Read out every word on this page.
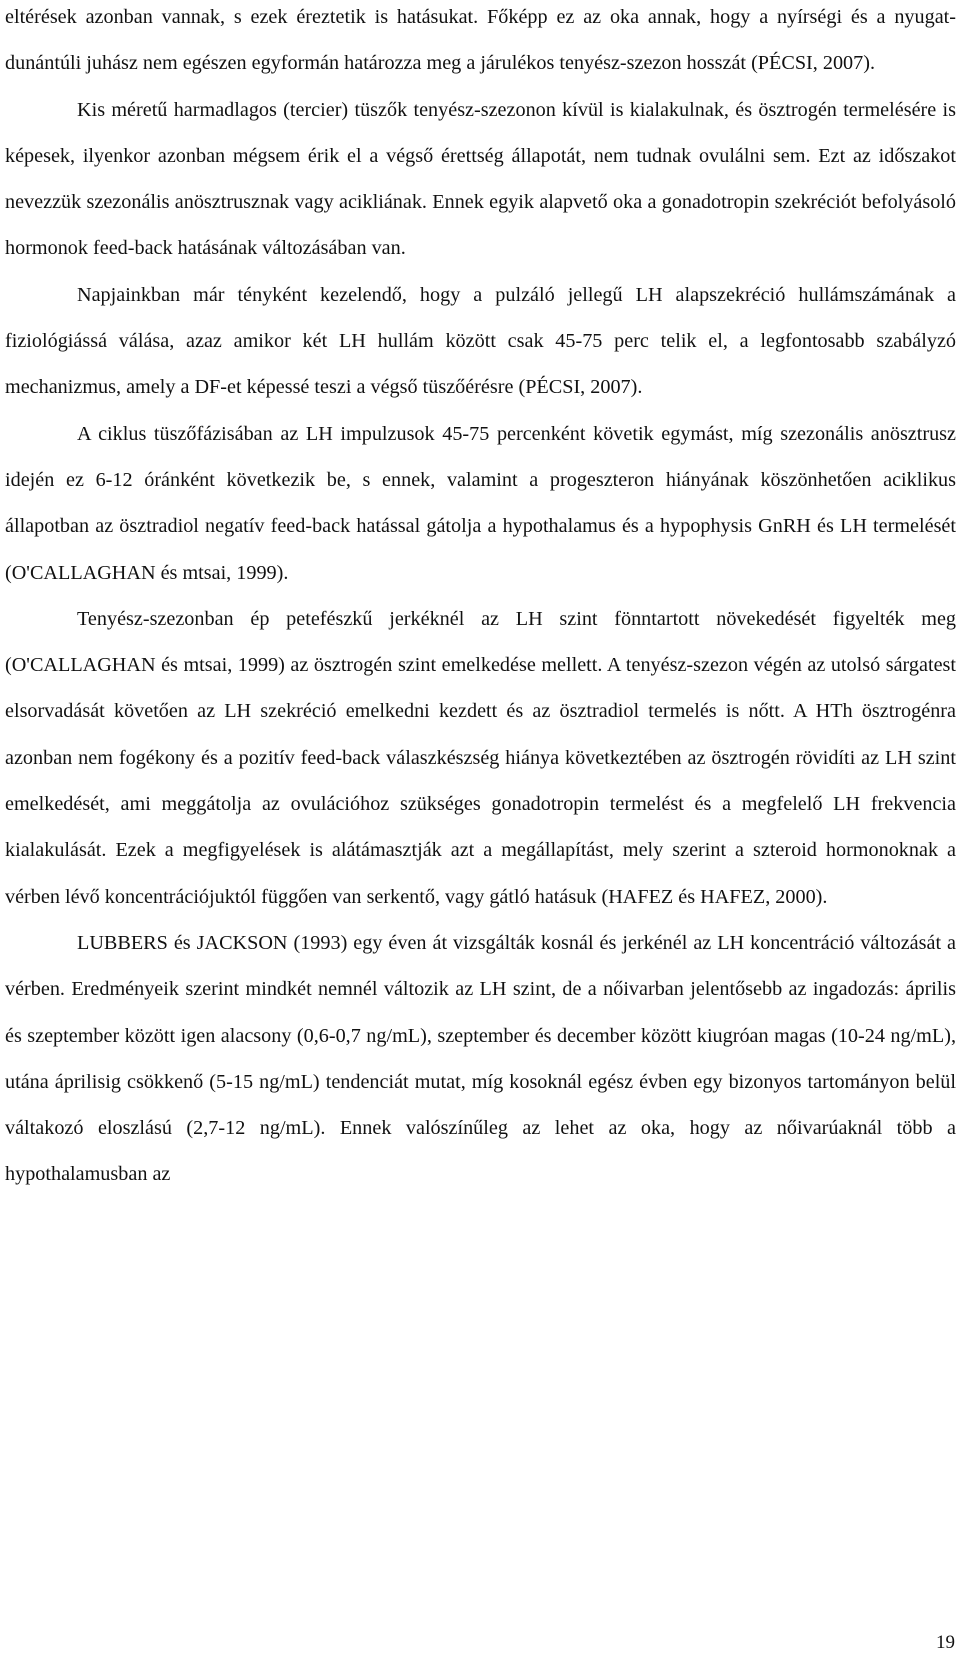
eltérések azonban vannak, s ezek éreztetik is hatásukat. Főképp ez az oka annak, hogy a nyírségi és a nyugat-dunántúli juhász nem egészen egyformán határozza meg a járulékos tenyész-szezon hosszát (PÉCSI, 2007).

Kis méretű harmadlagos (tercier) tüszők tenyész-szezonon kívül is kialakulnak, és ösztrogén termelésére is képesek, ilyenkor azonban mégsem érik el a végső érettség állapotát, nem tudnak ovulálni sem. Ezt az időszakot nevezzük szezonális anösztrusznak vagy acikliának. Ennek egyik alapvető oka a gonadotropin szekréciót befolyásoló hormonok feed-back hatásának változásában van.

Napjainkban már tényként kezelendő, hogy a pulzáló jellegű LH alapszekréció hullámszámának a fiziológiássá válása, azaz amikor két LH hullám között csak 45-75 perc telik el, a legfontosabb szabályzó mechanizmus, amely a DF-et képessé teszi a végső tüszőérésre (PÉCSI, 2007).

A ciklus tüszőfázisában az LH impulzusok 45-75 percenként követik egymást, míg szezonális anösztrusz idején ez 6-12 óránként következik be, s ennek, valamint a progeszteron hiányának köszönhetően aciklikus állapotban az ösztradiol negatív feed-back hatással gátolja a hypothalamus és a hypophysis GnRH és LH termelését (O'CALLAGHAN és mtsai, 1999).

Tenyész-szezonban ép petefészkű jerkéknél az LH szint fönntartott növekedését figyelték meg (O'CALLAGHAN és mtsai, 1999) az ösztrogén szint emelkedése mellett. A tenyész-szezon végén az utolsó sárgatest elsorvadását követően az LH szekréció emelkedni kezdett és az ösztradiol termelés is nőtt. A HTh ösztrogénra azonban nem fogékony és a pozitív feed-back válaszkészség hiánya következtében az ösztrogén rövidíti az LH szint emelkedését, ami meggátolja az ovulációhoz szükséges gonadotropin termelést és a megfelelő LH frekvencia kialakulását. Ezek a megfigyelések is alátámasztják azt a megállapítást, mely szerint a szteroid hormonoknak a vérben lévő koncentrációjuktól függően van serkentő, vagy gátló hatásuk (HAFEZ és HAFEZ, 2000).

LUBBERS és JACKSON (1993) egy éven át vizsgálták kosnál és jerkénél az LH koncentráció változását a vérben. Eredményeik szerint mindkét nemnél változik az LH szint, de a nőivarban jelentősebb az ingadozás: április és szeptember között igen alacsony (0,6-0,7 ng/mL), szeptember és december között kiugróan magas (10-24 ng/mL), utána áprilisig csökkenő (5-15 ng/mL) tendenciát mutat, míg kosoknál egész évben egy bizonyos tartományon belül váltakozó eloszlású (2,7-12 ng/mL). Ennek valószínűleg az lehet az oka, hogy az nőivarúaknál több a hypothalamusban az

19
